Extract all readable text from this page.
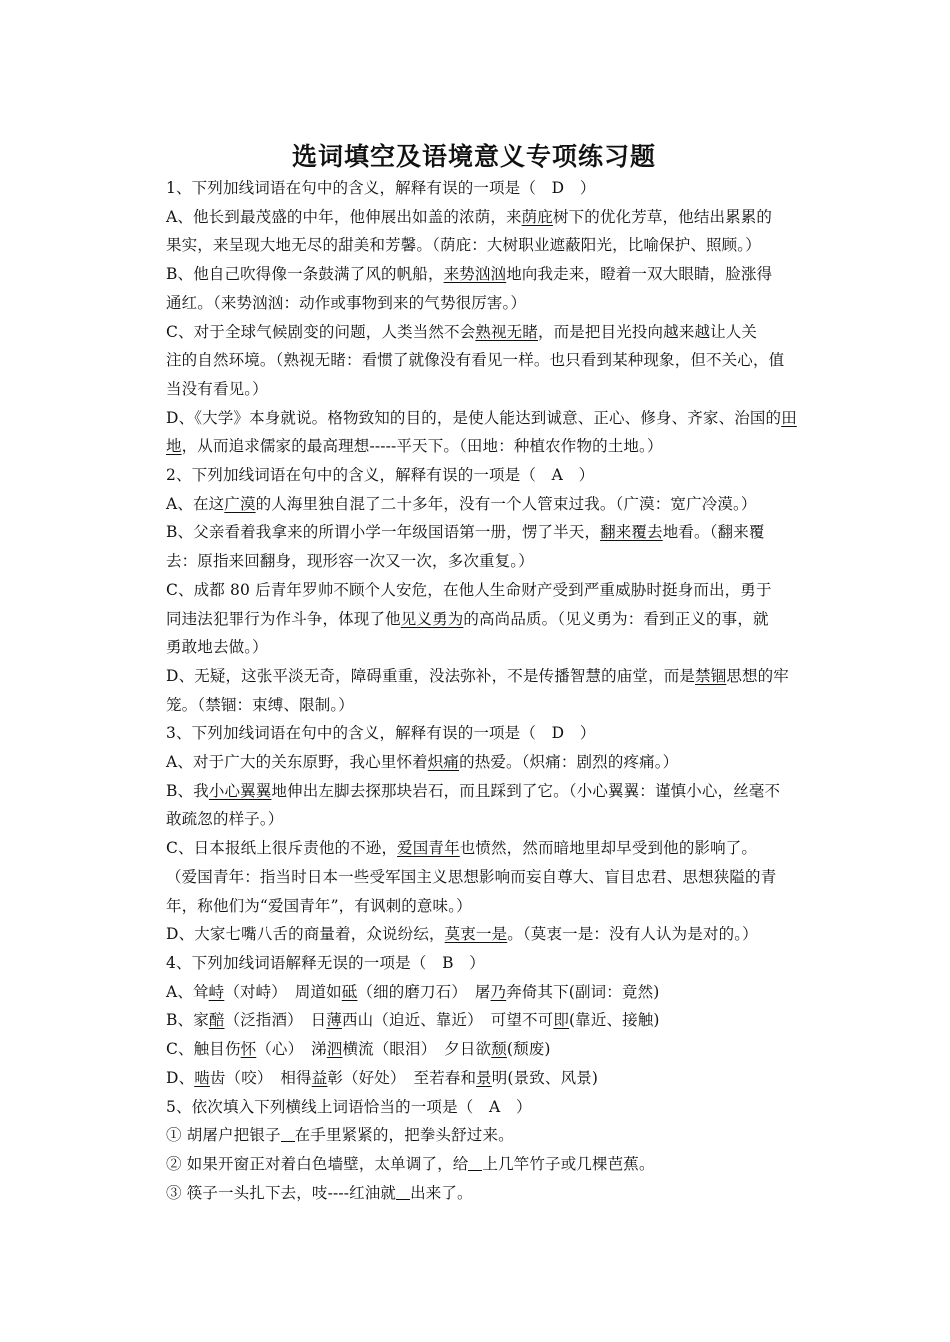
选词填空及语境意义专项练习题
1、下列加线词语在句中的含义，解释有误的一项是（　D　）
A、他长到最茂盛的中年，他伸展出如盖的浓荫，来荫庇树下的优化芳草，他结出累累的
果实，来呈现大地无尽的甜美和芳馨。（荫庇：大树职业遮蔽阳光，比喻保护、照顾。）
B、他自己吹得像一条鼓满了风的帆船，来势汹汹地向我走来，瞪着一双大眼睛，脸涨得
通红。（来势汹汹：动作或事物到来的气势很厉害。）
C、对于全球气候剧变的问题，人类当然不会熟视无睹，而是把目光投向越来越让人关
注的自然环境。（熟视无睹：看惯了就像没有看见一样。也只看到某种现象，但不关心，值
当没有看见。）
D、《大学》本身就说。格物致知的目的，是使人能达到诚意、正心、修身、齐家、治国的田
地，从而追求儒家的最高理想-----平天下。（田地：种植农作物的土地。）
2、下列加线词语在句中的含义，解释有误的一项是（　A　）
A、在这广漠的人海里独自混了二十多年，没有一个人管束过我。（广漠：宽广冷漠。）
B、父亲看着我拿来的所谓小学一年级国语第一册，愣了半天，翻来覆去地看。（翻来覆
去：原指来回翻身，现形容一次又一次，多次重复。）
C、成都 80 后青年罗帅不顾个人安危，在他人生命财产受到严重威胁时挺身而出，勇于
同违法犯罪行为作斗争，体现了他见义勇为的高尚品质。（见义勇为：看到正义的事，就
勇敢地去做。）
D、无疑，这张平淡无奇，障碍重重，没法弥补，不是传播智慧的庙堂，而是禁锢思想的牢
笼。（禁锢：束缚、限制。）
3、下列加线词语在句中的含义，解释有误的一项是（　D　）
A、对于广大的关东原野，我心里怀着炽痛的热爱。（炽痛：剧烈的疼痛。）
B、我小心翼翼地伸出左脚去探那块岩石，而且踩到了它。（小心翼翼：谨慎小心，丝毫不
敢疏忽的样子。）
C、日本报纸上很斥责他的不逊，爱国青年也愤然，然而暗地里却早受到他的影响了。
（爱国青年：指当时日本一些受军国主义思想影响而妄自尊大、盲目忠君、思想狭隘的青
年，称他们为“爱国青年”，有讽刺的意味。）
D、大家七嘴八舌的商量着，众说纷纭，莫衷一是。（莫衷一是：没有人认为是对的。）
4、下列加线词语解释无误的一项是（　B　）
A、耸峙（对峙）　周道如砥（细的磨刀石）　屠乃奔倚其下(副词：竟然)
B、家醅（泛指酒）　日薄西山（迫近、靠近）　可望不可即(靠近、接触)
C、触目伤怀（心）　涕泗横流（眼泪）　夕日欲颓(颓废)
D、啮齿（咬）　相得益彰（好处）　至若春和景明(景致、风景)
5、依次填入下列横线上词语恰当的一项是（　A　）
① 胡屠户把银子 在手里紧紧的，把拳头舒过来。
② 如果开窗正对着白色墙壁，太单调了，给 上几竿竹子或几棵芭蕉。
③ 筷子一头扎下去，吱----红油就 出来了。
